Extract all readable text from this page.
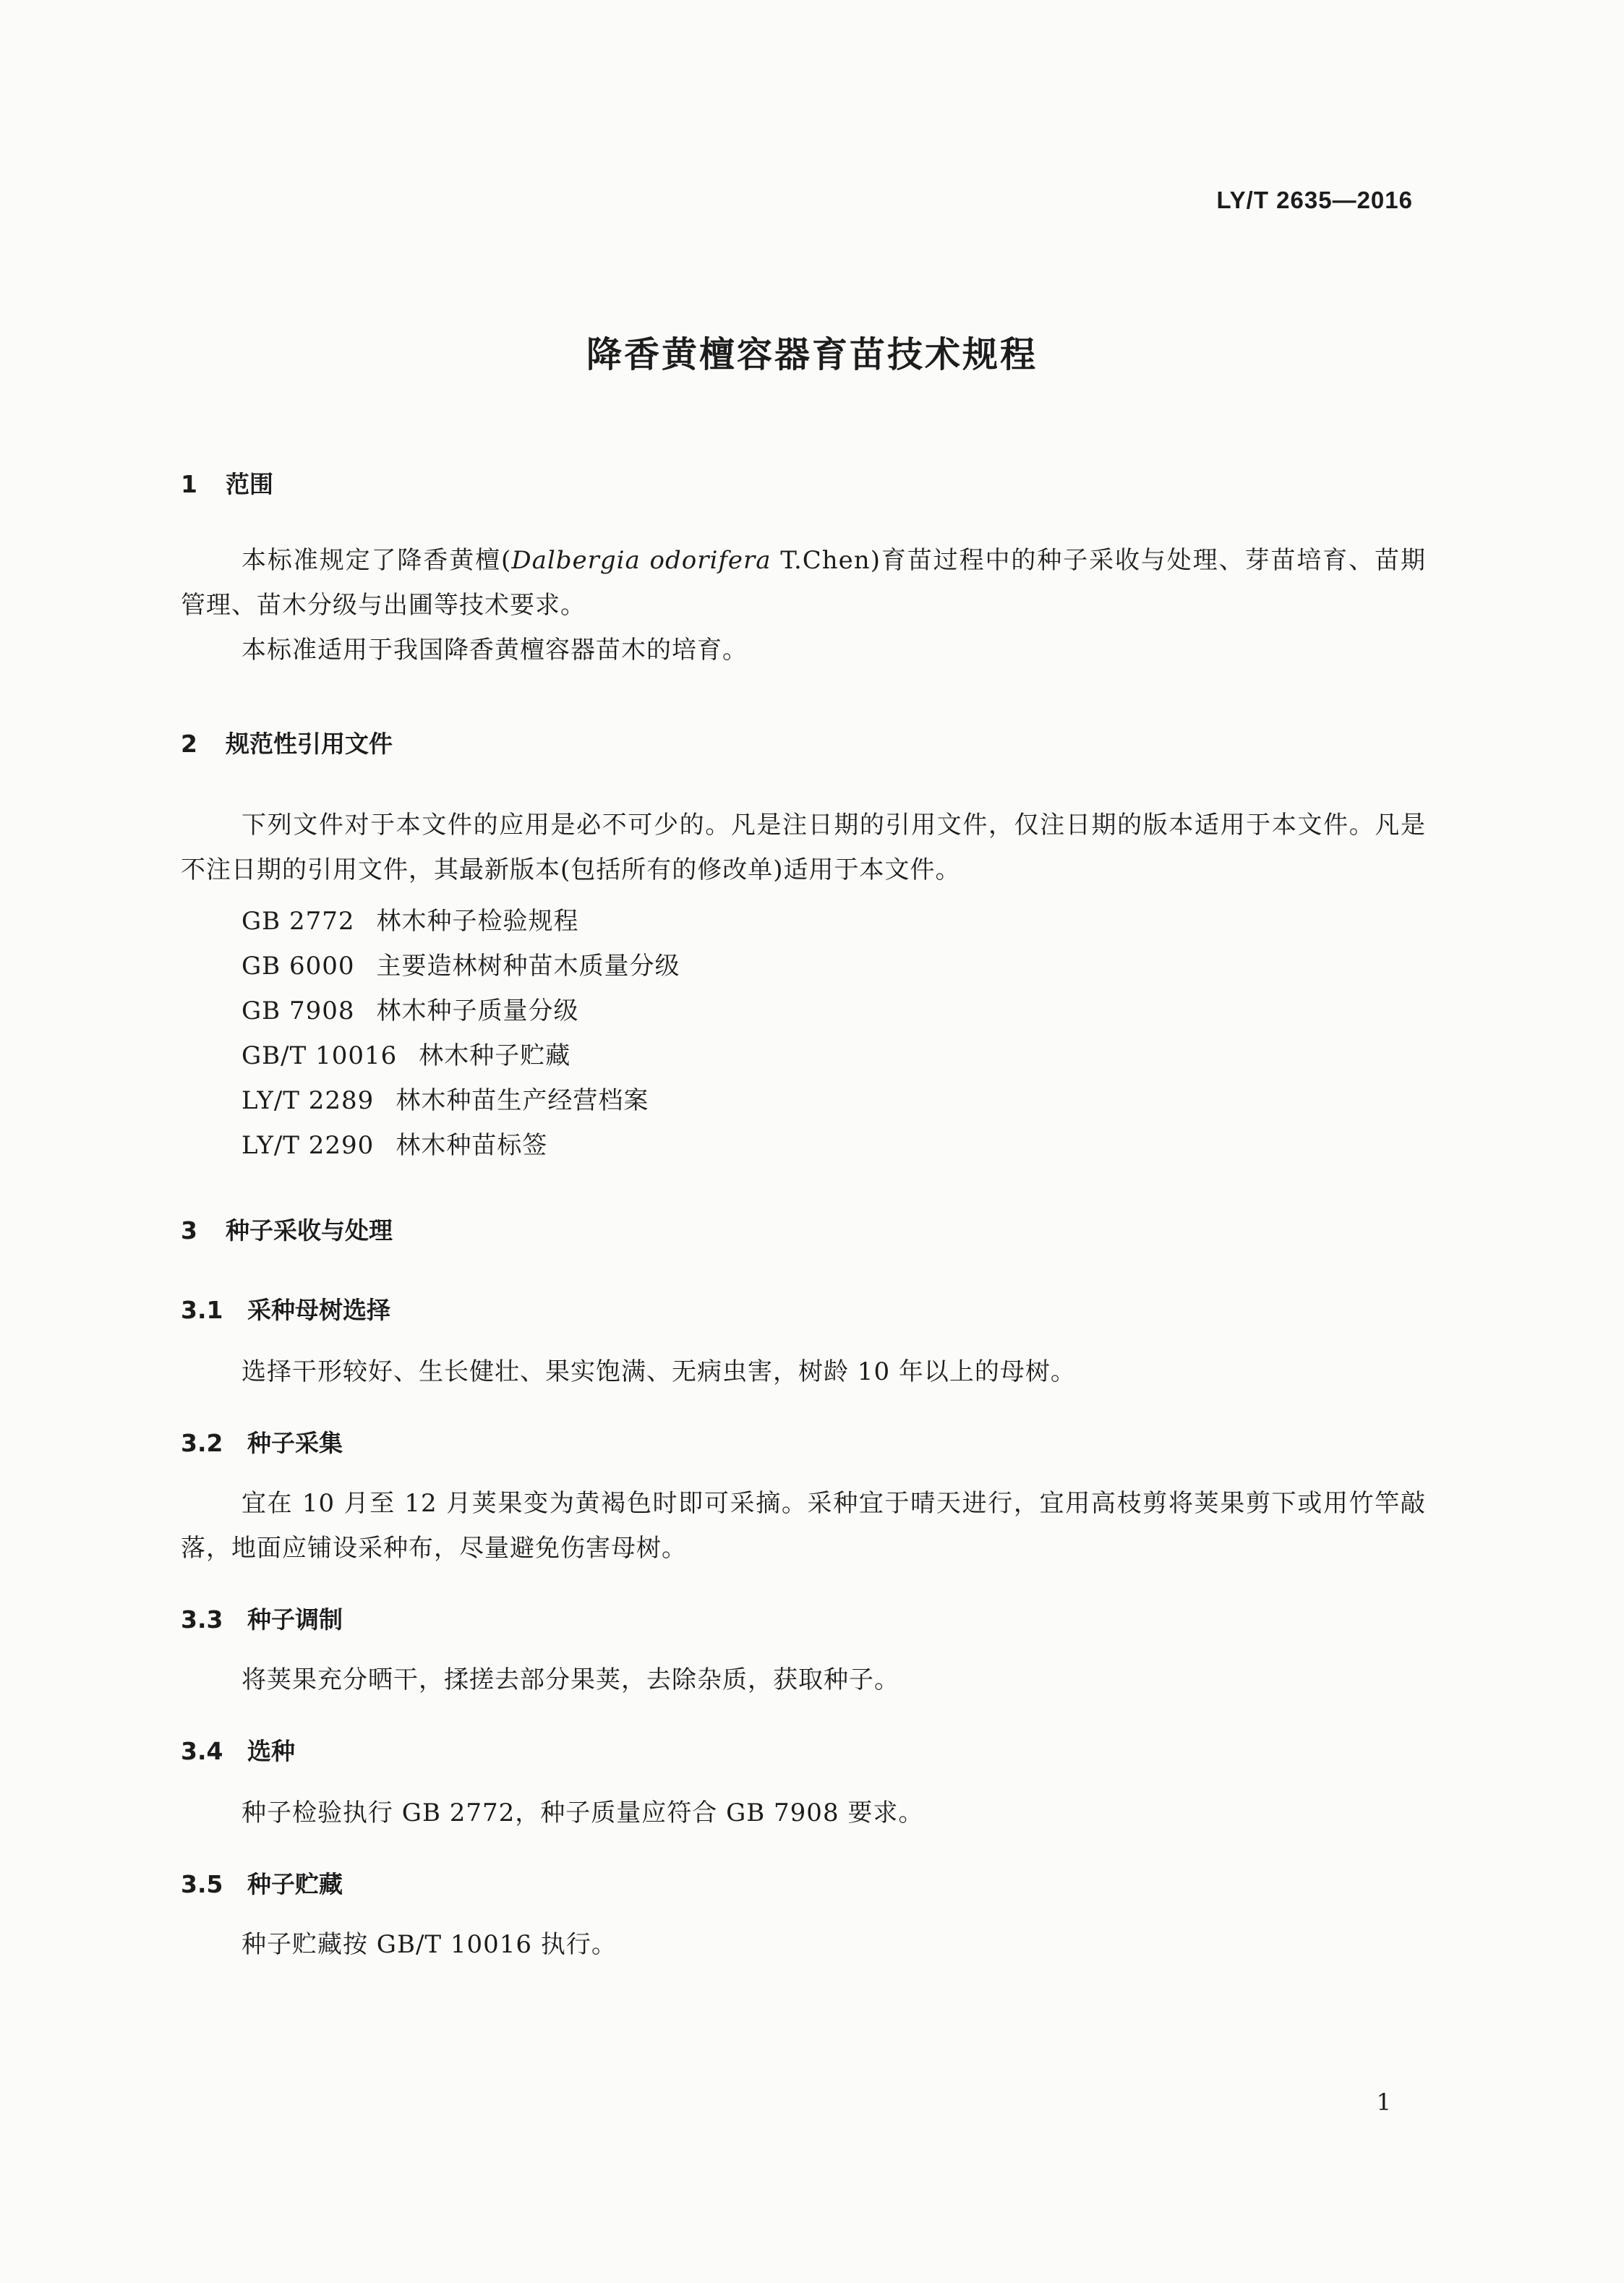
LY/T 2635—2016
降香黄檀容器育苗技术规程
1 范围
本标准规定了降香黄檀(Dalbergia odorifera T.Chen)育苗过程中的种子采收与处理、芽苗培育、苗期管理、苗木分级与出圃等技术要求。
本标准适用于我国降香黄檀容器苗木的培育。
2 规范性引用文件
下列文件对于本文件的应用是必不可少的。凡是注日期的引用文件，仅注日期的版本适用于本文件。凡是不注日期的引用文件，其最新版本(包括所有的修改单)适用于本文件。
GB 2772 林木种子检验规程
GB 6000 主要造林树种苗木质量分级
GB 7908 林木种子质量分级
GB/T 10016 林木种子贮藏
LY/T 2289 林木种苗生产经营档案
LY/T 2290 林木种苗标签
3 种子采收与处理
3.1 采种母树选择
选择干形较好、生长健壮、果实饱满、无病虫害，树龄 10 年以上的母树。
3.2 种子采集
宜在 10 月至 12 月荚果变为黄褐色时即可采摘。采种宜于晴天进行，宜用高枝剪将荚果剪下或用竹竿敲落，地面应铺设采种布，尽量避免伤害母树。
3.3 种子调制
将荚果充分晒干，揉搓去部分果荚，去除杂质，获取种子。
3.4 选种
种子检验执行 GB 2772，种子质量应符合 GB 7908 要求。
3.5 种子贮藏
种子贮藏按 GB/T 10016 执行。
1
